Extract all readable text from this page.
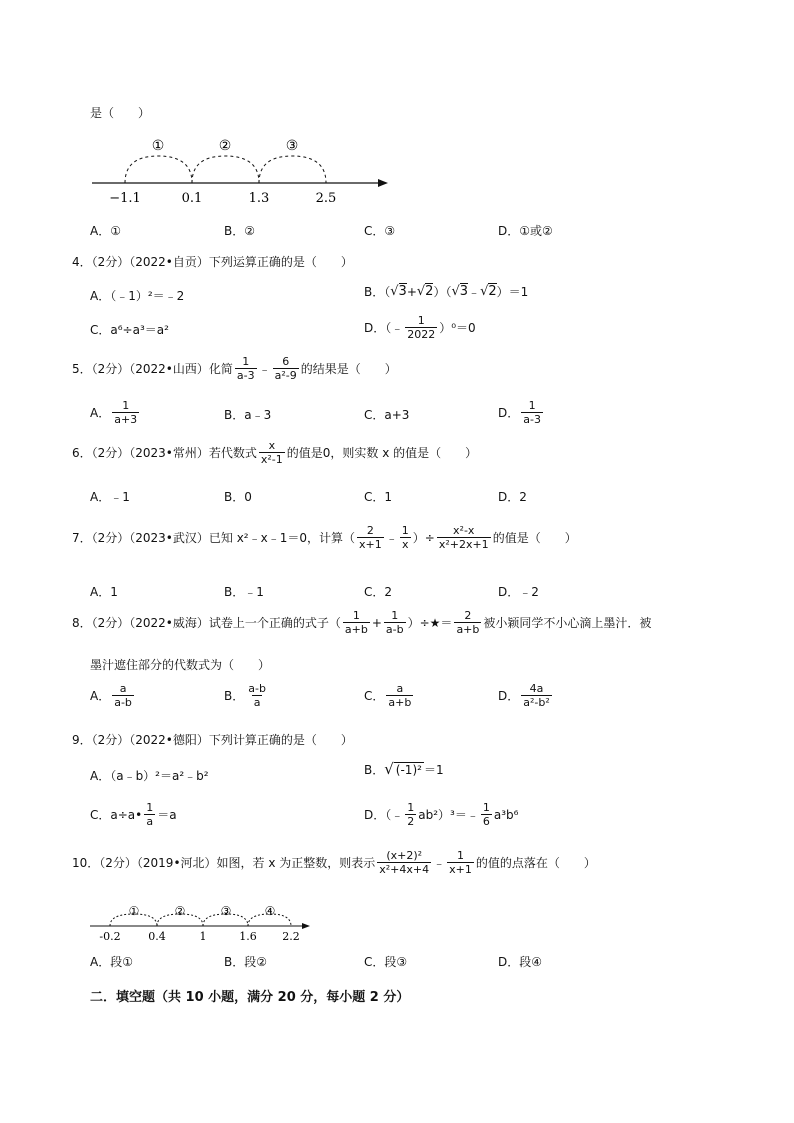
是（　　）
①	②	③
−1.1	0.1	1.3	2.5
A．①	B．②	C．③	D．①或②
4．（2分）（2022•自贡）下列运算正确的是（　　）
A．（﹣1）²＝﹣2	B．（ √3 + √2 ）（ √3 ﹣ √2 ）＝1
C．a⁶÷a³＝a²	D．（﹣ $\frac{1}{2022} )^0=0$
5．（2分）（2022•山西）化简 $\frac{1}{a-3}$ ﹣ $\frac{6}{\text{a²-9}}$ 的结果是（　　）
A． $\frac{1}{a+3}$	B．a﹣3	C．a+3	D． $\frac{1}{a-3}$
6．（2分）（2023•常州）若代数式 $\frac{x}{\text{x²-1}}$ 的值是0，则实数 x 的值是（　　）
A．﹣1	B．0	C．1	D．2
7．（2分）（2023•武汉）已知 x²﹣x﹣1＝0，计算（ $\frac{2}{x+1}$ ﹣ $\frac{1}{x}$ ）÷ $\frac{\text{x²-x}}{\text{x²+2x+1}}$ 的值是（　　）
A．1	B．﹣1	C．2	D．﹣2
8．（2分）（2022•威海）试卷上一个正确的式子（ $\frac{1}{a+b} + \frac{1}{a-b}$ ）÷★＝ $\frac{2}{a+b}$ 被小颖同学不小心滴上墨汁．被
墨汁遮住部分的代数式为（　　）
A． $\frac{a}{a-b}$	B． $\frac{a-b}{a}$	C． $\frac{a}{a+b}$	D． $\frac{4a}{\text{a²-b²}}$
9．（2分）（2022•德阳）下列计算正确的是（　　）
A．（a﹣b）²＝a²﹣b²	B． √ (-1)² ＝1
C．a÷a• $\frac{1}{a} =a$	D．（﹣ $\frac{1}{2}$ ab²）³＝﹣ $\frac{1}{6} a^3b^6$
10．（2分）（2019•河北）如图，若 x 为正整数，则表示 $\frac{\text{(x+2)²}}{\text{x²+4x+4}}$ ﹣ $\frac{1}{x+1}$ 的值的点落在（　　）
①	②	③	④
-0.2	0.4	1	1.6 2.2
A．段①	B．段②	C．段③	D．段④
二．填空题（共 10 小题，满分 20 分，每小题 2 分）
